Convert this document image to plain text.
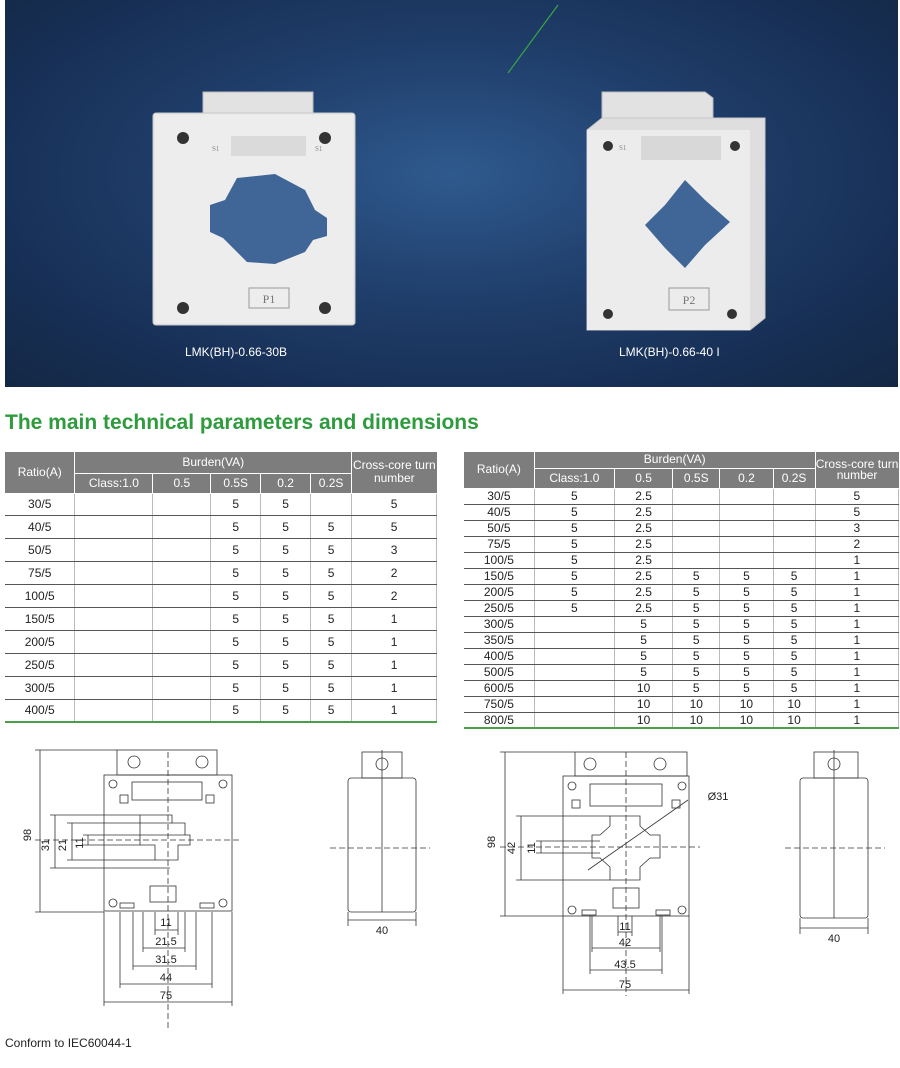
P1
S1	S1
P2
S1
LMK(BH)-0.66-30B	LMK(BH)-0.66-40 I
The main technical parameters and dimensions
Ratio(A)	Burden(VA)					Cross-core turn number
	Class:1.0	0.5	0.5S	0.2	0.2S	
30/5			5	5		5
40/5			5	5	5	5
50/5			5	5	5	3
75/5			5	5	5	2
100/5			5	5	5	2
150/5			5	5	5	1
200/5			5	5	5	1
250/5			5	5	5	1
300/5			5	5	5	1
400/5			5	5	5	1
Ratio(A)	Burden(VA)					Cross-core turn number
	Class:1.0	0.5	0.5S	0.2	0.2S	
30/5	5	2.5				5
40/5	5	2.5				5
50/5	5	2.5				3
75/5	5	2.5				2
100/5	5	2.5				1
150/5	5	2.5	5	5	5	1
200/5	5	2.5	5	5	5	1
250/5	5	2.5	5	5	5	1
300/5		5	5	5	5	1
350/5		5	5	5	5	1
400/5		5	5	5	5	1
500/5		5	5	5	5	1
600/5		10	5	5	5	1
750/5		10	10	10	10	1
800/5		10	10	10	10	1
98
31 21 11
11
21.5
31.5
44
75
40
98 42 11
11
42
43.5
75
Ø31
40
Conform to IEC60044-1
